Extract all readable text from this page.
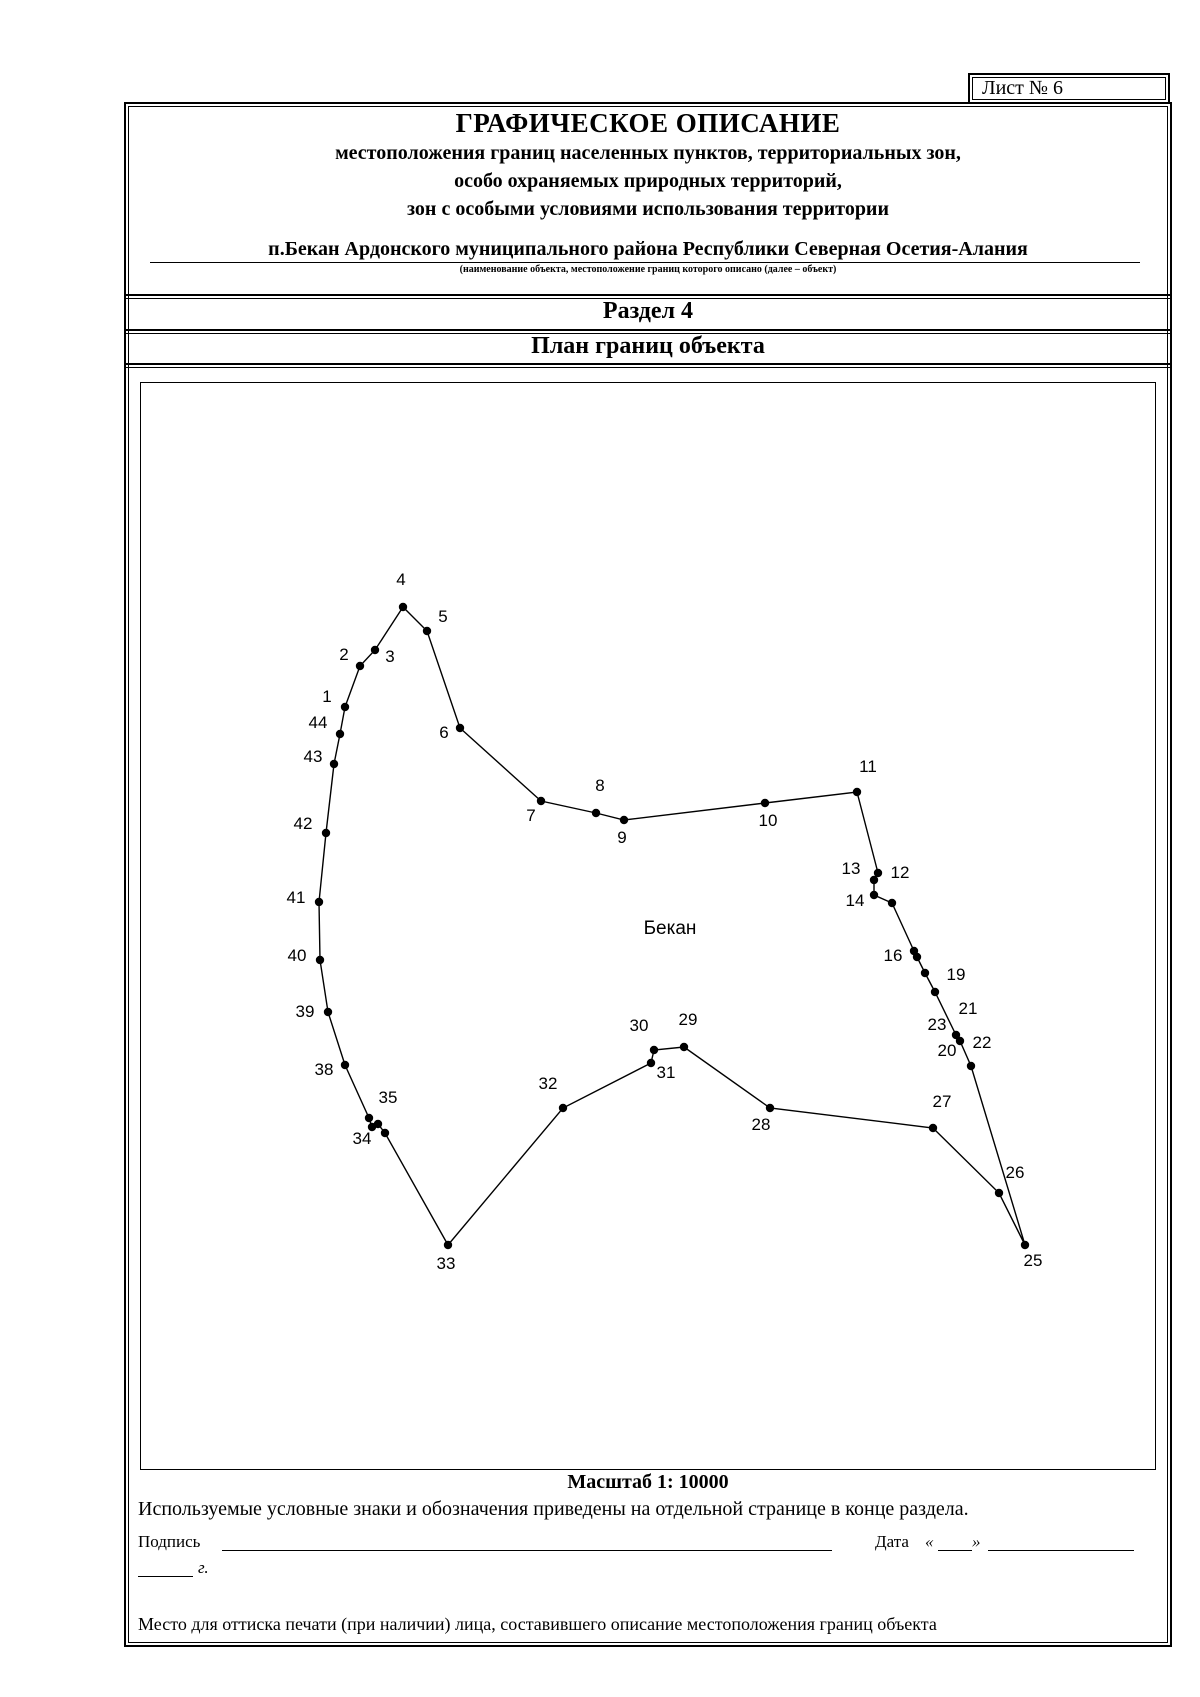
Лист № 6
ГРАФИЧЕСКОЕ ОПИСАНИЕ
местоположения границ населенных пунктов, территориальных зон,
особо охраняемых природных территорий,
зон с особыми условиями использования территории
п.Бекан Ардонского муниципального района Республики Северная Осетия-Алания
(наименование объекта, местоположение границ которого описано (далее – объект)
Раздел 4
План границ объекта
1
2 3
4
5
6
7
8
9
10
11
12
13
14
16
19
21
23
20 22
25
26
27
28
29
30
31
32
33
34
35
38
39
40
41
42
43
44
Бекан
Масштаб 1: 10000
Используемые условные знаки и обозначения приведены на отдельной странице в конце раздела.
Подпись	Дата « »
г.
Место для оттиска печати (при наличии) лица, составившего описание местоположения границ объекта
